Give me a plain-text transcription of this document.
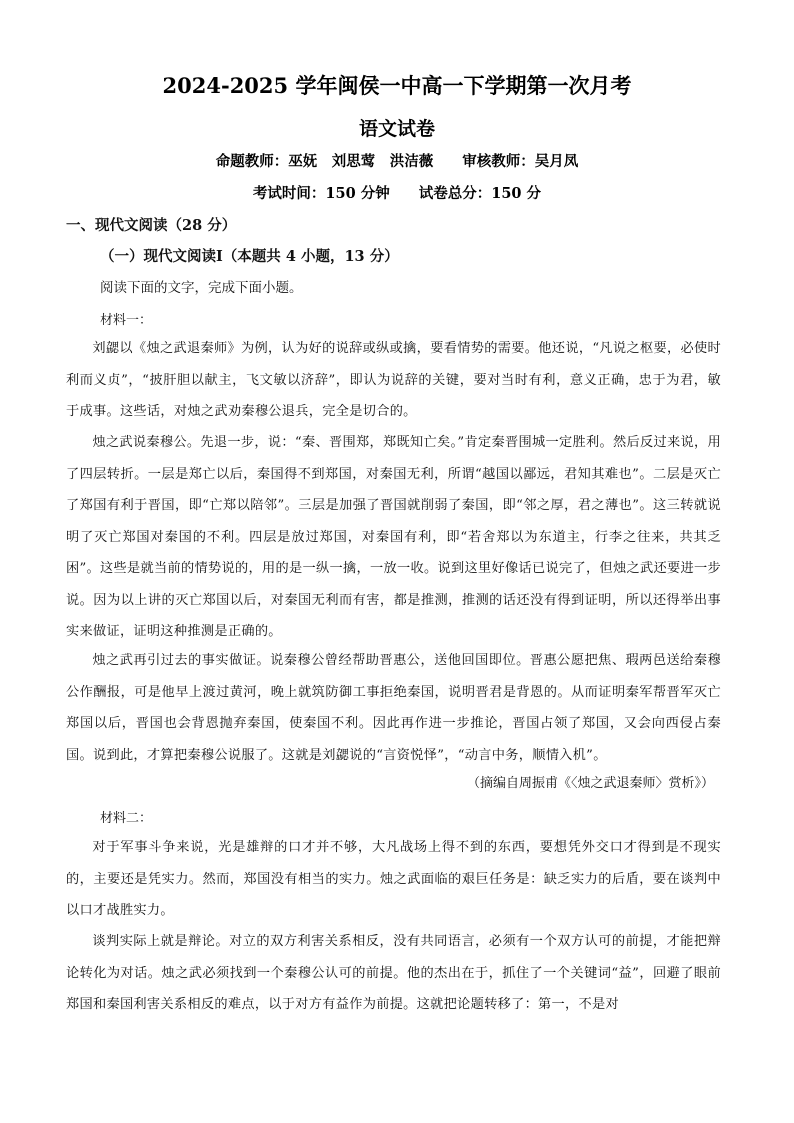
2024-2025 学年闽侯一中高一下学期第一次月考
语文试卷
命题教师：巫妩　刘思莺　洪洁薇　　审核教师：吴月凤
考试时间：150 分钟　　试卷总分：150 分
一、现代文阅读（28 分）
（一）现代文阅读Ⅰ（本题共 4 小题，13 分）
阅读下面的文字，完成下面小题。
材料一：

刘勰以《烛之武退秦师》为例，认为好的说辞或纵或擒，要看情势的需要。他还说，“凡说之枢要，必使时利而义贞”，“披肝胆以献主，飞文敏以济辞”，即认为说辞的关键，要对当时有利，意义正确，忠于为君，敏于成事。这些话，对烛之武劝秦穆公退兵，完全是切合的。

烛之武说秦穆公。先退一步，说：“秦、晋围郑，郑既知亡矣。”肯定秦晋围城一定胜利。然后反过来说，用了四层转折。一层是郑亡以后，秦国得不到郑国，对秦国无利，所谓“越国以鄙远，君知其难也”。二层是灭亡了郑国有利于晋国，即“亡郑以陪邻”。三层是加强了晋国就削弱了秦国，即“邻之厚，君之薄也”。这三转就说明了灭亡郑国对秦国的不利。四层是放过郑国，对秦国有利，即“若舍郑以为东道主，行李之往来，共其乏困”。这些是就当前的情势说的，用的是一纵一擒，一放一收。说到这里好像话已说完了，但烛之武还要进一步说。因为以上讲的灭亡郑国以后，对秦国无利而有害，都是推测，推测的话还没有得到证明，所以还得举出事实来做证，证明这种推测是正确的。

烛之武再引过去的事实做证。说秦穆公曾经帮助晋惠公，送他回国即位。晋惠公愿把焦、瑕两邑送给秦穆公作酬报，可是他早上渡过黄河，晚上就筑防御工事拒绝秦国，说明晋君是背恩的。从而证明秦军帮晋军灭亡郑国以后，晋国也会背恩抛弃秦国，使秦国不利。因此再作进一步推论，晋国占领了郑国，又会向西侵占秦国。说到此，才算把秦穆公说服了。这就是刘勰说的“言资悦怿”，“动言中务，顺情入机”。

（摘编自周振甫《〈烛之武退秦师〉赏析》）
材料二：

对于军事斗争来说，光是雄辩的口才并不够，大凡战场上得不到的东西，要想凭外交口才得到是不现实的，主要还是凭实力。然而，郑国没有相当的实力。烛之武面临的艰巨任务是：缺乏实力的后盾，要在谈判中以口才战胜实力。

谈判实际上就是辩论。对立的双方利害关系相反，没有共同语言，必须有一个双方认可的前提，才能把辩论转化为对话。烛之武必须找到一个秦穆公认可的前提。他的杰出在于，抓住了一个关键词“益”，回避了眼前郑国和秦国利害关系相反的难点，以于对方有益作为前提。这就把论题转移了：第一，不是对
